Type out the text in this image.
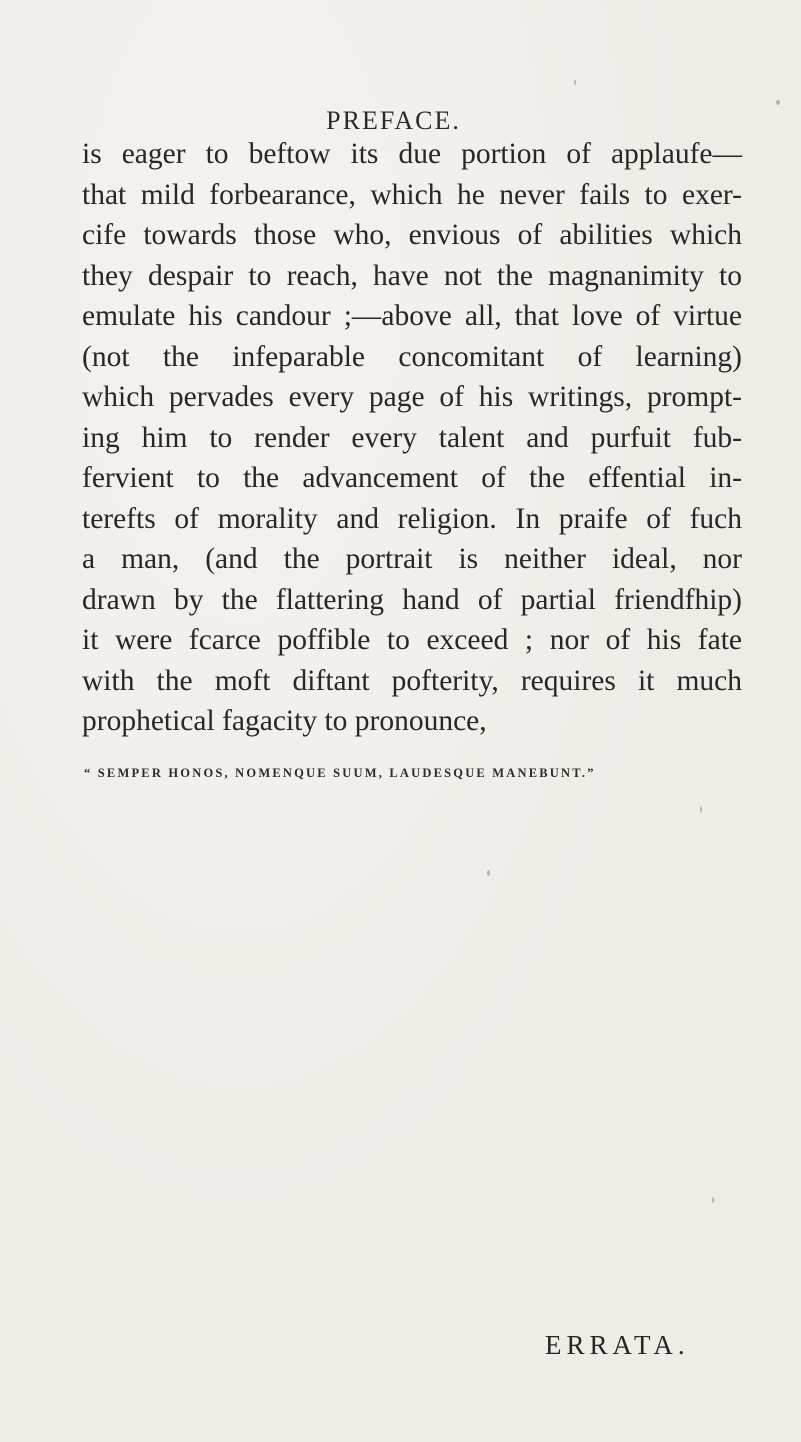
PREFACE.
is eager to beftow its due portion of applaufe—
that mild forbearance, which he never fails to exer-
cife towards those who, envious of abilities which
they despair to reach, have not the magnanimity to
emulate his candour ;—above all, that love of virtue
(not the infeparable concomitant of learning)
which pervades every page of his writings, prompt-
ing him to render every talent and purfuit fub-
fervient to the advancement of the effential in-
terefts of morality and religion. In praife of fuch
a man, (and the portrait is neither ideal, nor
drawn by the flattering hand of partial friendfhip)
it were fcarce poffible to exceed ; nor of his fate
with the moft diftant pofterity, requires it much
prophetical fagacity to pronounce,
“ SEMPER HONOS, NOMENQUE SUUM, LAUDESQUE MANEBUNT.”
ERRATA.
